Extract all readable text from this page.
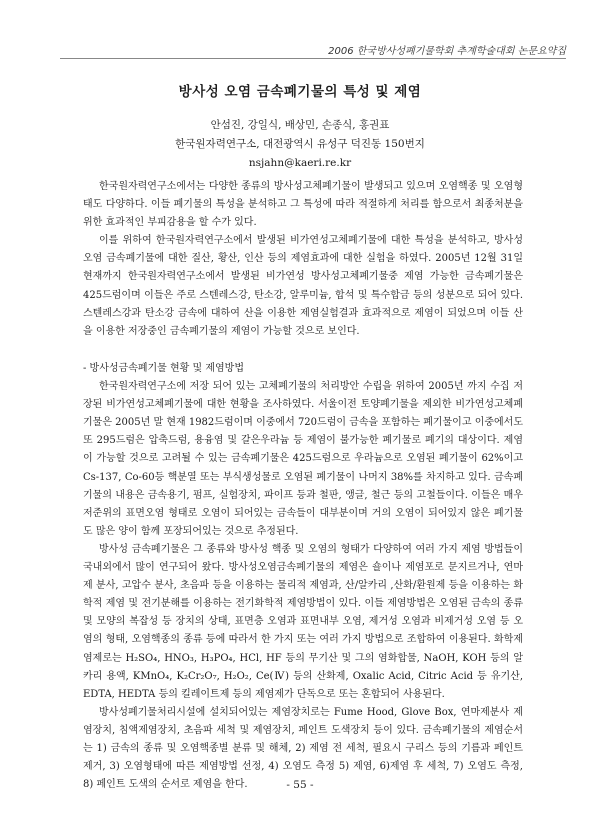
2006 한국방사성폐기물학회 추계학술대회 논문요약집
방사성 오염 금속폐기물의 특성 및 제염
안섬진, 강일식, 배상민, 손종식, 홍권표
한국원자력연구소, 대전광역시 유성구 덕진동 150번지
nsjahn@kaeri.re.kr

한국원자력연구소에서는 다양한 종류의 방사성고체폐기물이 발생되고 있으며 오염핵종 및 오염형태도 다양하다. 이들 폐기물의 특성을 분석하고 그 특성에 따라 적절하게 처리를 함으로서 최종처분을 위한 효과적인 부피감용을 할 수가 있다.

이를 위하여 한국원자력연구소에서 발생된 비가연성고체폐기물에 대한 특성을 분석하고, 방사성오염 금속폐기물에 대한 질산, 황산, 인산 등의 제염효과에 대한 실험을 하였다. 2005년 12월 31일 현재까지 한국원자력연구소에서 발생된 비가연성 방사성고체폐기물중 제염 가능한 금속폐기물은 425드럼이며 이들은 주로 스텐레스강, 탄소강, 알루미늄, 합석 및 특수합금 등의 성분으로 되어 있다. 스텐레스강과 탄소강 금속에 대하여 산을 이용한 제염실험결과 효과적으로 제염이 되었으며 이들 산을 이용한 저장중인 금속폐기물의 제염이 가능할 것으로 보인다.

- 방사성금속폐기물 현황 및 제염방법

한국원자력연구소에 저장 되어 있는 고체폐기물의 처리방안 수립을 위하여 2005년 까지 수집 저장된 비가연성고체폐기물에 대한 현황을 조사하였다. 서울이전 토양폐기물을 제외한 비가연성고체폐기물은 2005년 말 현재 1982드럼이며 이중에서 720드럼이 금속을 포함하는 폐기물이고 이중에서도 또 295드럼은 압축드럼, 용융염 및 갈은우라늄 등 제염이 불가능한 폐기물로 폐기의 대상이다. 제염이 가능할 것으로 고려될 수 있는 금속폐기물은 425드럼으로 우라늄으로 오염된 폐기물이 62%이고 Cs-137, Co-60등 핵분열 또는 부식생성물로 오염된 폐기물이 나머지 38%를 차지하고 있다. 금속폐기물의 내용은 금속용기, 펌프, 실험장치, 파이프 등과 철판, 앵글, 철근 등의 고철들이다. 이들은 매우 저준위의 표면오염 형태로 오염이 되어있는 금속들이 대부분이며 거의 오염이 되어있지 않은 폐기물도 많은 양이 함께 포장되어있는 것으로 추정된다.

방사성 금속폐기물은 그 종류와 방사성 핵종 및 오염의 형태가 다양하여 여러 가지 제염 방법들이 국내외에서 많이 연구되어 왔다. 방사성오염금속폐기물의 제염은 숄이나 제염포로 문지르거나, 연마제 분사, 고압수 분사, 초음파 등을 이용하는 물리적 제염과, 산/알카리 ,산화/환원제 등을 이용하는 화학적 제염 및 전기분해를 이용하는 전기화학적 제염방법이 있다. 이들 제염방법은 오염된 금속의 종류 및 모양의 복잡성 등 장치의 상태, 표면층 오염과 표면내부 오염, 제거성 오염과 비제거성 오염 등 오염의 형태, 오염핵종의 종류 등에 따라서 한 가지 또는 여러 가지 방법으로 조합하여 이용된다. 화학제염제로는 H₂SO₄, HNO₃, H₃PO₄, HCl, HF 등의 무기산 및 그의 염화합물, NaOH, KOH 등의 알카리 용액, KMnO₄, K₂Cr₂O₇, H₂O₂, Ce(Ⅳ) 등의 산화제, Oxalic Acid, Citric Acid 등 유기산, EDTA, HEDTA 등의 킬레이트제 등의 제염제가 단독으로 또는 혼합되어 사용된다.

방사성폐기물처리시설에 설치되어있는 제염장치로는 Fume Hood, Glove Box, 연마제분사 제염장치, 침액제염장치, 초음파 세척 및 제염장치, 페인트 도색장치 등이 있다. 금속폐기물의 제염순서는 1) 금속의 종류 및 오염핵종별 분류 및 해체, 2) 제염 전 세척, 필요시 구리스 등의 기름과 페인트 제거, 3) 오염형태에 따른 제염방법 선정, 4) 오염도 측정 5) 제염, 6)제염 후 세척, 7) 오염도 측정, 8) 페인트 도색의 순서로 제염을 한다.	- 55 -
